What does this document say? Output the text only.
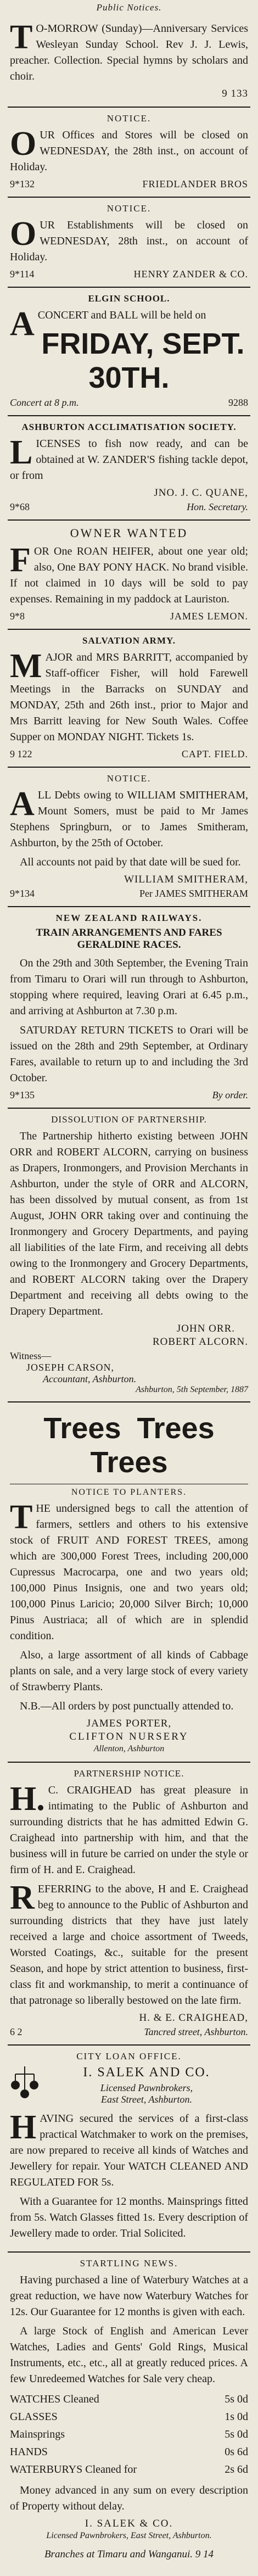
Public Notices.

TO-MORROW (Sunday)—Anniversary Services Wesleyan Sunday School. Rev J. J. Lewis, preacher. Collection. Special hymns by scholars and choir.

9 133
NOTICE.

OUR Offices and Stores will be closed on WEDNESDAY, the 28th inst., on account of Holiday.

9*132	FRIEDLANDER BROS
NOTICE.

OUR Establishments will be closed on WEDNESDAY, 28th inst., on account of Holiday.

9*114	HENRY ZANDER & CO.
ELGIN SCHOOL.

ACONCERT and BALL will be held on

FRIDAY, SEPT. 30TH.
Concert at 8 p.m.	9288
ASHBURTON ACCLIMATISATION SOCIETY.

LICENSES to fish now ready, and can be obtained at W. ZANDER'S fishing tackle depot, or from

JNO. J. C. QUANE,
9*68	Hon. Secretary.
OWNER WANTED

FOR One ROAN HEIFER, about one year old; also, One BAY PONY HACK. No brand visible. If not claimed in 10 days will be sold to pay expenses. Remaining in my paddock at Lauriston.

9*8	JAMES LEMON.
SALVATION ARMY.

MAJOR and MRS BARRITT, accompanied by Staff-officer Fisher, will hold Farewell Meetings in the Barracks on SUNDAY and MONDAY, 25th and 26th inst., prior to Major and Mrs Barritt leaving for New South Wales. Coffee Supper on MONDAY NIGHT. Tickets 1s.

9 122	CAPT. FIELD.
NOTICE.

ALL Debts owing to WILLIAM SMITHERAM, Mount Somers, must be paid to Mr James Stephens Springburn, or to James Smitheram, Ashburton, by the 25th of October.

All accounts not paid by that date will be sued for.

WILLIAM SMITHERAM,
9*134	Per JAMES SMITHERAM
NEW ZEALAND RAILWAYS.
TRAIN ARRANGEMENTS AND FARES GERALDINE RACES.

On the 29th and 30th September, the Evening Train from Timaru to Orari will run through to Ashburton, stopping where required, leaving Orari at 6.45 p.m., and arriving at Ashburton at 7.30 p.m.

SATURDAY RETURN TICKETS to Orari will be issued on the 28th and 29th September, at Ordinary Fares, available to return up to and including the 3rd October.

9*135	By order.
DISSOLUTION OF PARTNERSHIP.

The Partnership hitherto existing between JOHN ORR and ROBERT ALCORN, carrying on business as Drapers, Ironmongers, and Provision Merchants in Ashburton, under the style of ORR and ALCORN, has been dissolved by mutual consent, as from 1st August, JOHN ORR taking over and continuing the Ironmongery and Grocery Departments, and paying all liabilities of the late Firm, and receiving all debts owing to the Ironmongery and Grocery Departments, and ROBERT ALCORN taking over the Drapery Department and receiving all debts owing to the Drapery Department.

JOHN ORR.
ROBERT ALCORN.
Witness—
JOSEPH CARSON,
Accountant, Ashburton.
Ashburton, 5th September, 1887
Trees Trees Trees
NOTICE TO PLANTERS.

THE undersigned begs to call the attention of farmers, settlers and others to his extensive stock of FRUIT AND FOREST TREES, among which are 300,000 Forest Trees, including 200,000 Cupressus Macrocarpa, one and two years old; 100,000 Pinus Insignis, one and two years old; 100,000 Pinus Laricio; 20,000 Silver Birch; 10,000 Pinus Austriaca; all of which are in splendid condition.

Also, a large assortment of all kinds of Cabbage plants on sale, and a very large stock of every variety of Strawberry Plants.

N.B.—All orders by post punctually attended to.

JAMES PORTER,
CLIFTON NURSERY
Allenton, Ashburton
PARTNERSHIP NOTICE.

H.C. CRAIGHEAD has great pleasure in intimating to the Public of Ashburton and surrounding districts that he has admitted Edwin G. Craighead into partnership with him, and that the business will in future be carried on under the style or firm of H. and E. Craighead.

REFERRING to the above, H and E. Craighead beg to announce to the Public of Ashburton and surrounding districts that they have just lately received a large and choice assortment of Tweeds, Worsted Coatings, &c., suitable for the present Season, and hope by strict attention to business, first-class fit and workmanship, to merit a continuance of that patronage so liberally bestowed on the late firm.

H. & E. CRAIGHEAD,
6 2	Tancred street, Ashburton.
CITY LOAN OFFICE.
I. SALEK AND CO.
Licensed Pawnbrokers,
East Street, Ashburton.

HAVING secured the services of a first-class practical Watchmaker to work on the premises, are now prepared to receive all kinds of Watches and Jewellery for repair. Your WATCH CLEANED AND REGULATED FOR 5s.

With a Guarantee for 12 months. Mainsprings fitted from 5s. Watch Glasses fitted 1s. Every description of Jewellery made to order. Trial Solicited.

STARTLING NEWS.

Having purchased a line of Waterbury Watches at a great reduction, we have now Waterbury Watches for 12s. Our Guarantee for 12 months is given with each.

A large Stock of English and American Lever Watches, Ladies and Gents' Gold Rings, Musical Instruments, etc., etc., all at greatly reduced prices. A few Unredeemed Watches for Sale very cheap.

WATCHES Cleaned	5s 0d
GLASSES	1s 0d
Mainsprings	5s 0d
HANDS	0s 6d
WATERBURYS Cleaned for	2s 6d

Money advanced in any sum on every description of Property without delay.

I. SALEK & CO.
Licensed Pawnbrokers, East Street, Ashburton.
Branches at Timaru and Wanganui. 9 14
